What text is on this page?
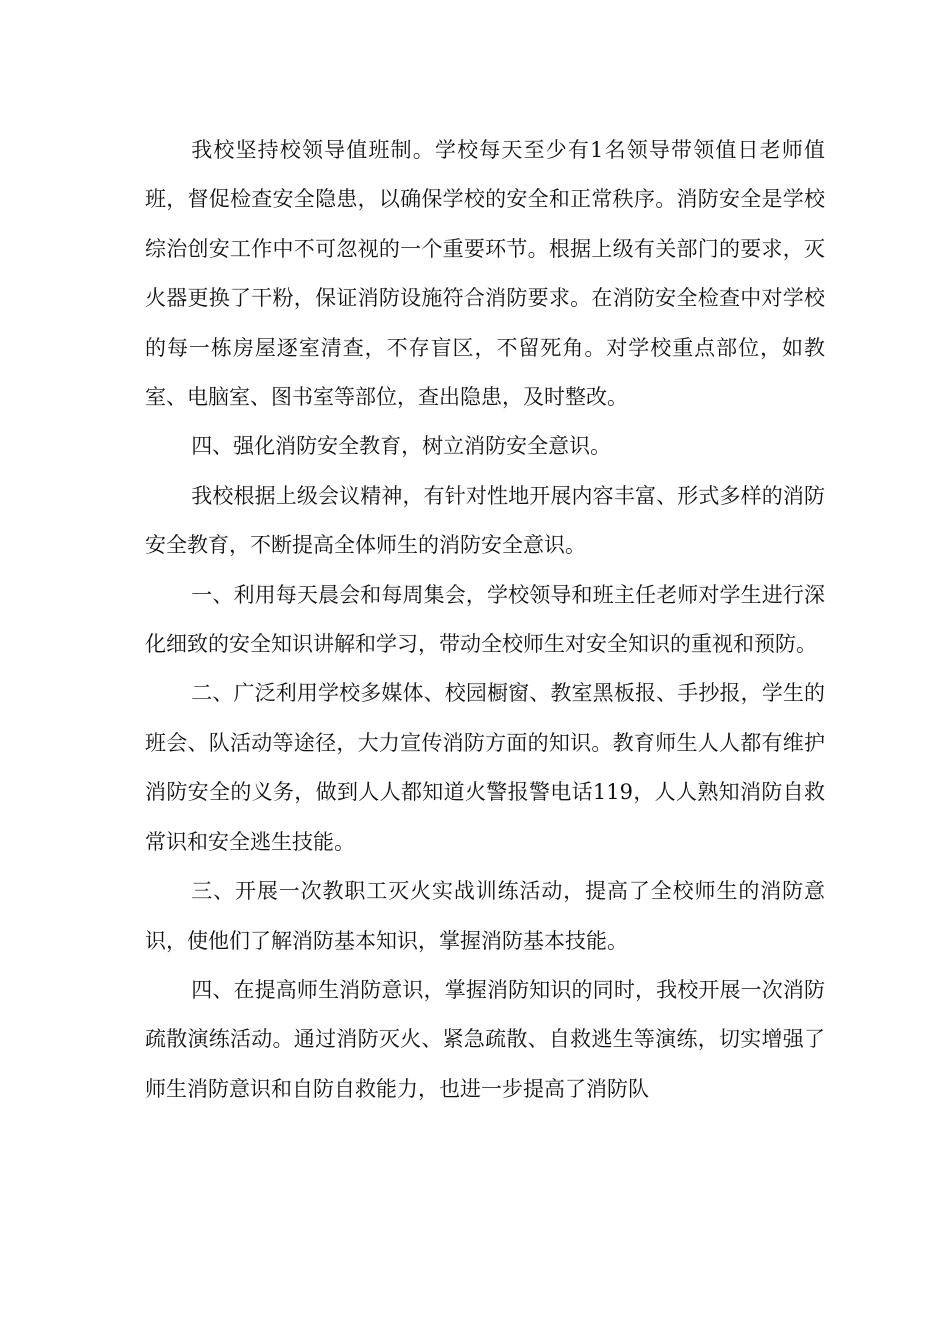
我校坚持校领导值班制。学校每天至少有1名领导带领值日老师值班，督促检查安全隐患，以确保学校的安全和正常秩序。消防安全是学校综治创安工作中不可忽视的一个重要环节。根据上级有关部门的要求，灭火器更换了干粉，保证消防设施符合消防要求。在消防安全检查中对学校的每一栋房屋逐室清查，不存盲区，不留死角。对学校重点部位，如教室、电脑室、图书室等部位，查出隐患，及时整改。

四、强化消防安全教育，树立消防安全意识。

我校根据上级会议精神，有针对性地开展内容丰富、形式多样的消防安全教育，不断提高全体师生的消防安全意识。

一、利用每天晨会和每周集会，学校领导和班主任老师对学生进行深化细致的安全知识讲解和学习，带动全校师生对安全知识的重视和预防。

二、广泛利用学校多媒体、校园橱窗、教室黑板报、手抄报，学生的班会、队活动等途径，大力宣传消防方面的知识。教育师生人人都有维护消防安全的义务，做到人人都知道火警报警电话119，人人熟知消防自救常识和安全逃生技能。

三、开展一次教职工灭火实战训练活动，提高了全校师生的消防意识，使他们了解消防基本知识，掌握消防基本技能。

四、在提高师生消防意识，掌握消防知识的同时，我校开展一次消防疏散演练活动。通过消防灭火、紧急疏散、自救逃生等演练，切实增强了师生消防意识和自防自救能力，也进一步提高了消防队
